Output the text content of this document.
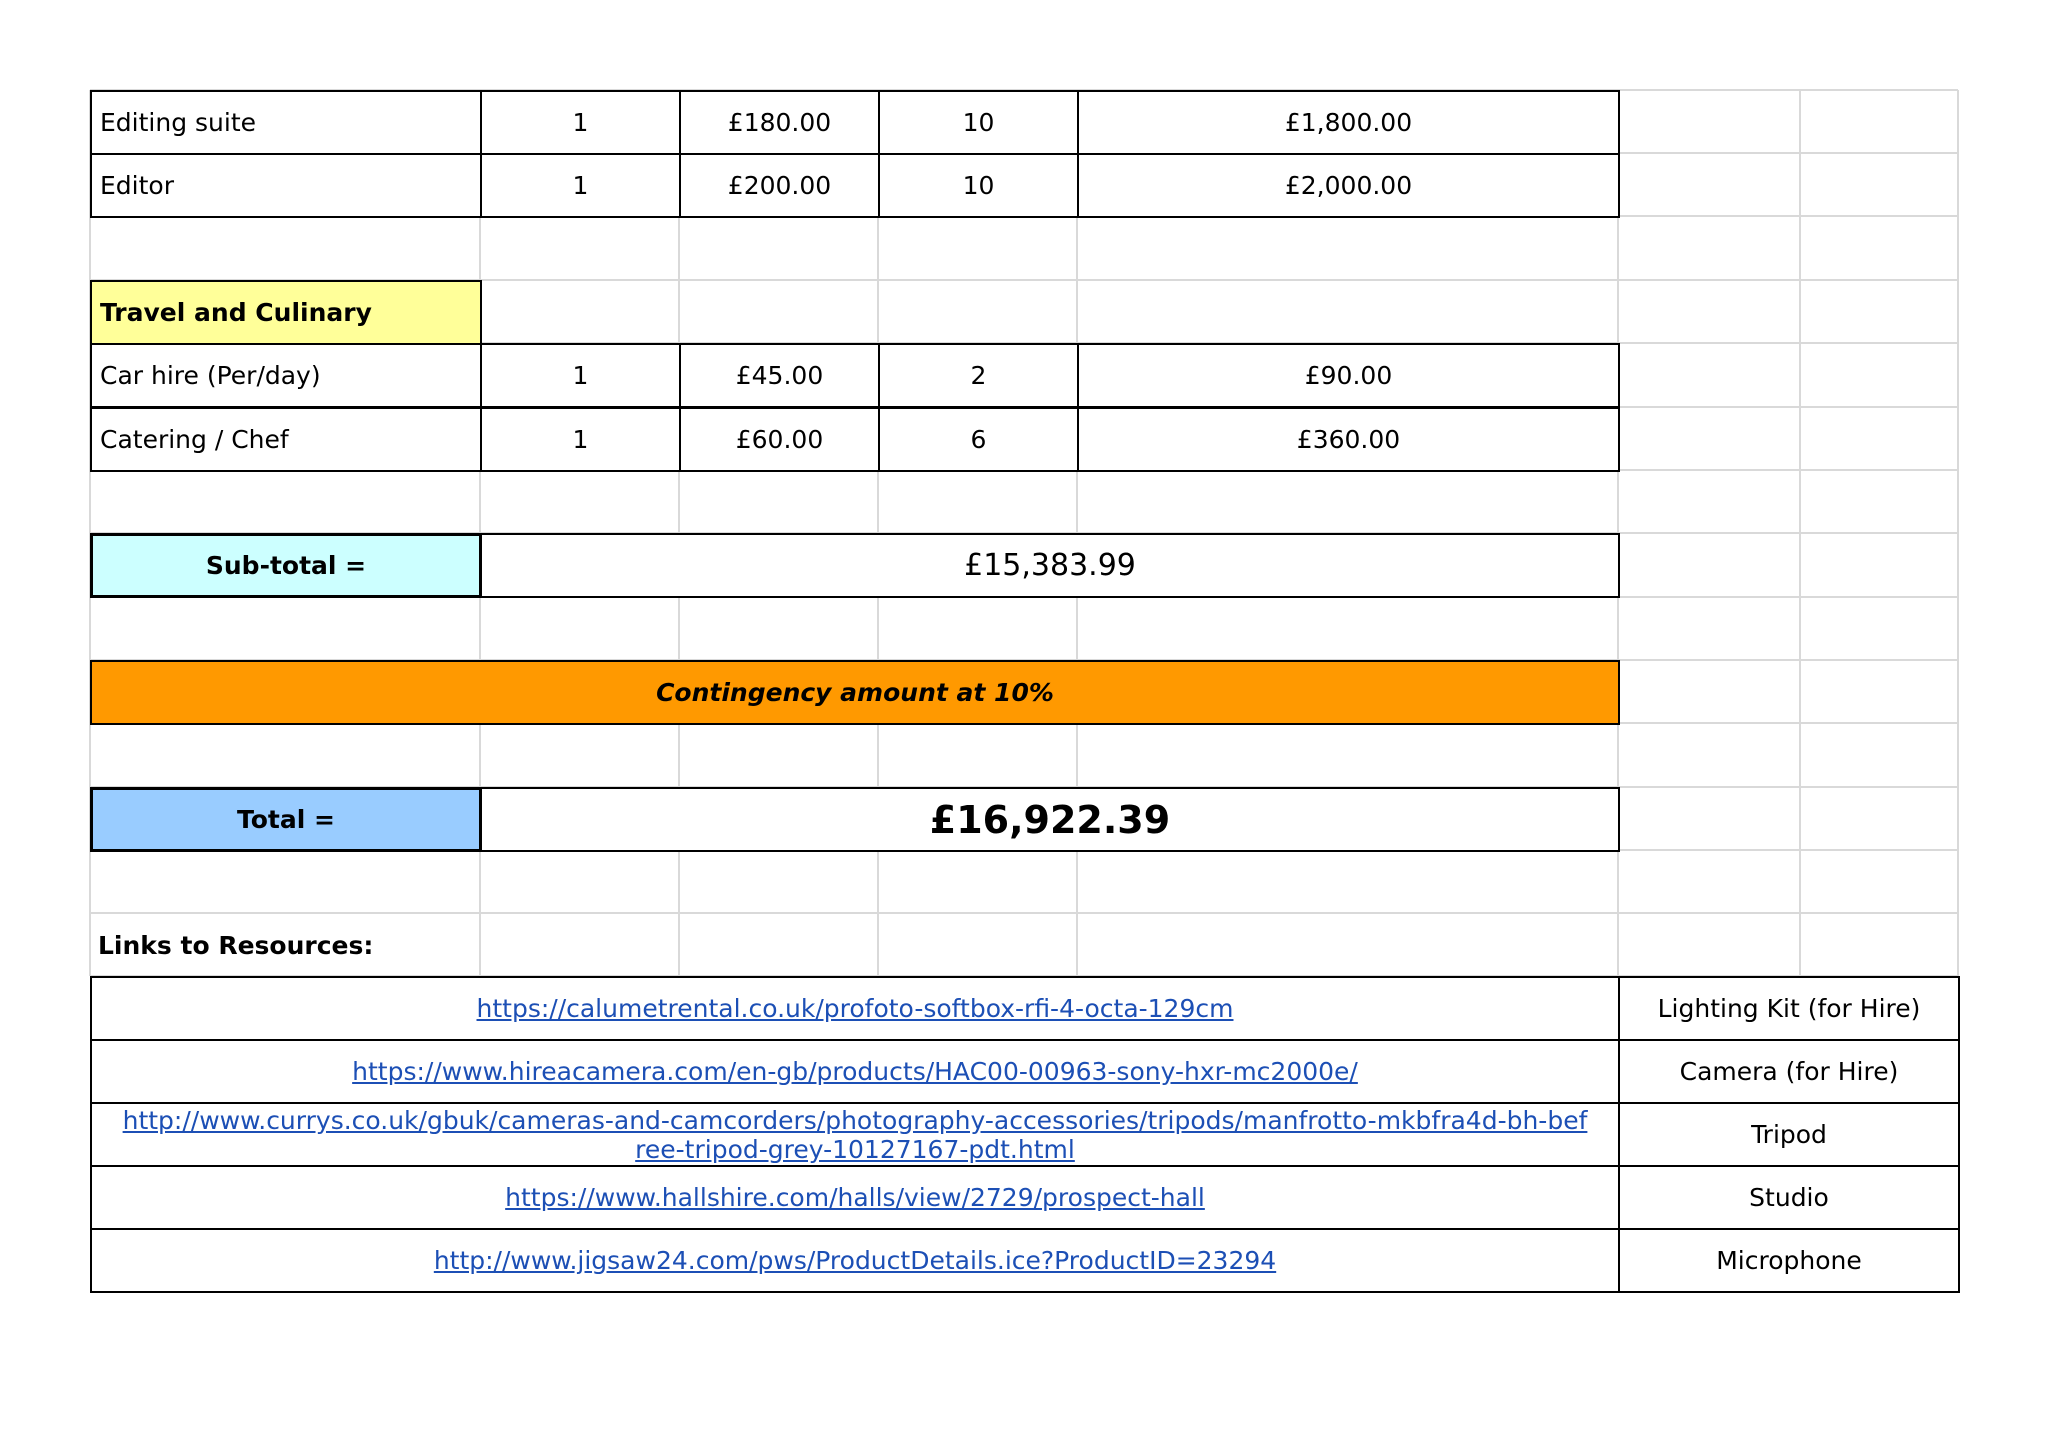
Editing suite	1	£180.00	10	£1,800.00
Editor	1	£200.00	10	£2,000.00
Travel and Culinary
Car hire (Per/day)	1	£45.00	2	£90.00
Catering / Chef	1	£60.00	6	£360.00
Sub-total =	£15,383.99
Contingency amount at 10%
Total =	£16,922.39
Links to Resources:
https://calumetrental.co.uk/profoto-softbox-rfi-4-octa-129cm	Lighting Kit (for Hire)
https://www.hireacamera.com/en-gb/products/HAC00-00963-sony-hxr-mc2000e/	Camera (for Hire)
http://www.currys.co.uk/gbuk/cameras-and-camcorders/photography-accessories/tripods/manfrotto-mkbfra4d-bh-befree-tripod-grey-10127167-pdt.html	Tripod
https://www.hallshire.com/halls/view/2729/prospect-hall	Studio
http://www.jigsaw24.com/pws/ProductDetails.ice?ProductID=23294	Microphone
